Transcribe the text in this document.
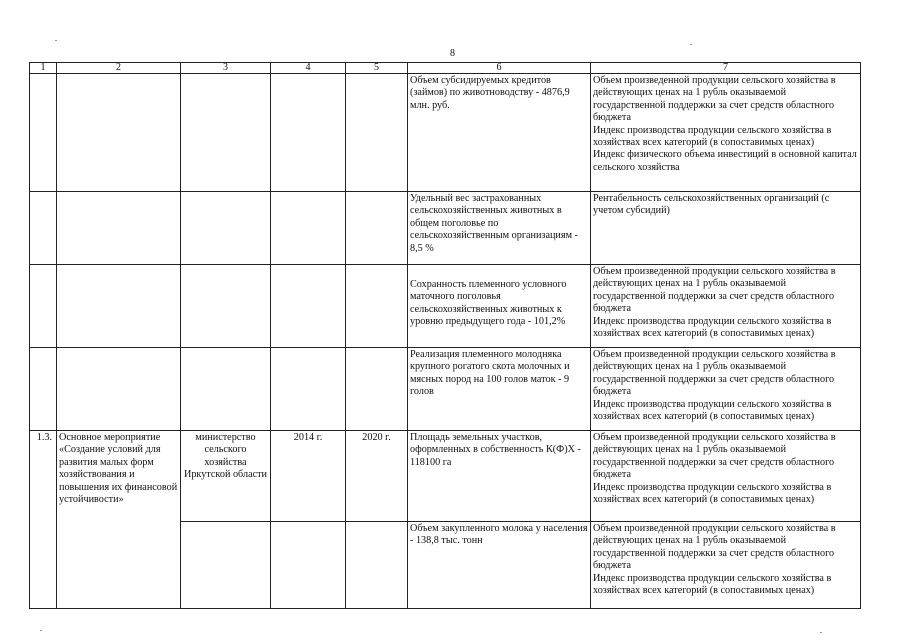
8
1	2	3	4	5	6	7
					Объем субсидируемых кредитов (займов) по животноводству - 4876,9 млн. руб.	Объем произведенной продукции сельского хозяйства в действующих ценах на 1 рубль оказываемой государственной поддержки за счет средств областного бюджета
Индекс производства продукции сельского хозяйства в хозяйствах всех категорий (в сопоставимых ценах)
Индекс физического объема инвестиций в основной капитал сельского хозяйства
					Удельный вес застрахованных сельскохозяйственных животных в общем поголовье по сельскохозяйственным организациям - 8,5 %	Рентабельность сельскохозяйственных организаций (с учетом субсидий)
					Сохранность племенного условного маточного поголовья сельскохозяйственных животных к уровню предыдущего года - 101,2%	Объем произведенной продукции сельского хозяйства в действующих ценах на 1 рубль оказываемой государственной поддержки за счет средств областного бюджета
Индекс производства продукции сельского хозяйства в хозяйствах всех категорий (в сопоставимых ценах)
					Реализация племенного молодняка крупного рогатого скота молочных и мясных пород на 100 голов маток - 9 голов	Объем произведенной продукции сельского хозяйства в действующих ценах на 1 рубль оказываемой государственной поддержки за счет средств областного бюджета
Индекс производства продукции сельского хозяйства в хозяйствах всех категорий (в сопоставимых ценах)
1.3.	Основное мероприятие «Создание условий для развития малых форм хозяйствования и повышения их финансовой устойчивости»	министерство сельского хозяйства Иркутской области	2014 г.	2020 г.	Площадь земельных участков, оформленных в собственность К(Ф)Х - 118100 га	Объем произведенной продукции сельского хозяйства в действующих ценах на 1 рубль оказываемой государственной поддержки за счет средств областного бюджета
Индекс производства продукции сельского хозяйства в хозяйствах всех категорий (в сопоставимых ценах)
					Объем закупленного молока у населения - 138,8 тыс. тонн	Объем произведенной продукции сельского хозяйства в действующих ценах на 1 рубль оказываемой государственной поддержки за счет средств областного бюджета
Индекс производства продукции сельского хозяйства в хозяйствах всех категорий (в сопоставимых ценах)
